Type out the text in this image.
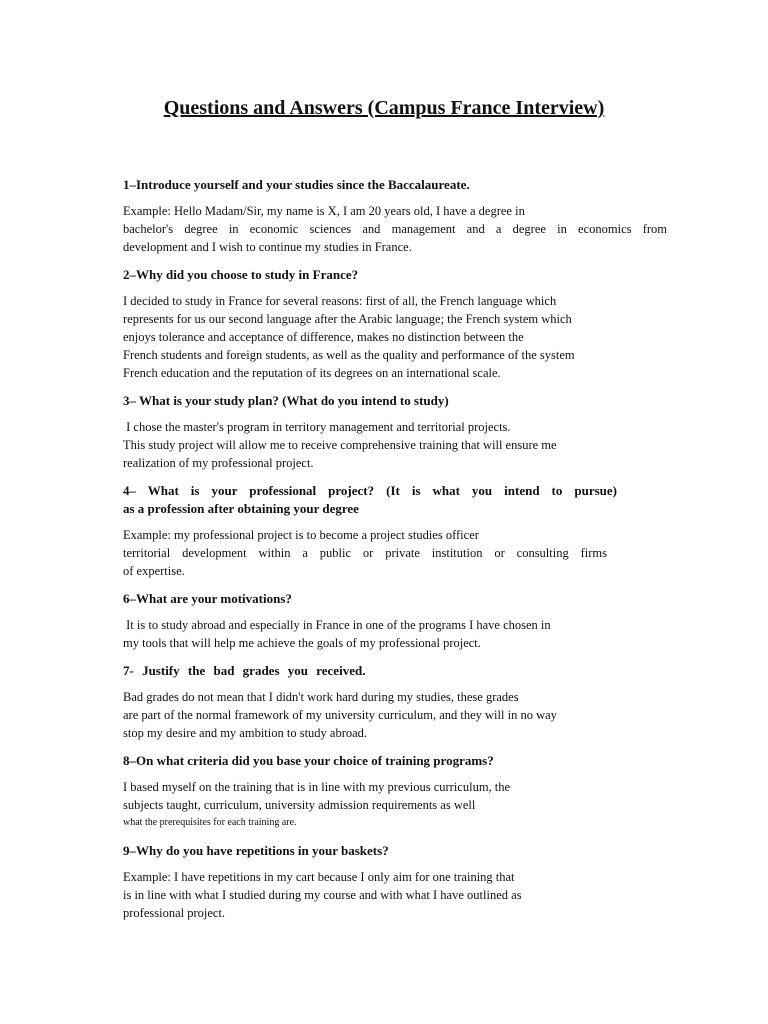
Questions and Answers (Campus France Interview)

1–Introduce yourself and your studies since the Baccalaureate.

Example: Hello Madam/Sir, my name is X, I am 20 years old, I have a degree in
bachelor's degree in economic sciences and management and a degree in economics from
development and I wish to continue my studies in France.

2–Why did you choose to study in France?

I decided to study in France for several reasons: first of all, the French language which
represents for us our second language after the Arabic language; the French system which
enjoys tolerance and acceptance of difference, makes no distinction between the
French students and foreign students, as well as the quality and performance of the system
French education and the reputation of its degrees on an international scale.

3– What is your study plan? (What do you intend to study)

I chose the master's program in territory management and territorial projects.
This study project will allow me to receive comprehensive training that will ensure me
realization of my professional project.

4– What is your professional project? (It is what you intend to pursue)
as a profession after obtaining your degree

Example: my professional project is to become a project studies officer
territorial development within a public or private institution or consulting firms
of expertise.

6–What are your motivations?

It is to study abroad and especially in France in one of the programs I have chosen in
my tools that will help me achieve the goals of my professional project.

7- Justify the bad grades you received.

Bad grades do not mean that I didn't work hard during my studies, these grades
are part of the normal framework of my university curriculum, and they will in no way
stop my desire and my ambition to study abroad.

8–On what criteria did you base your choice of training programs?

I based myself on the training that is in line with my previous curriculum, the
subjects taught, curriculum, university admission requirements as well
what the prerequisites for each training are.

9–Why do you have repetitions in your baskets?

Example: I have repetitions in my cart because I only aim for one training that
is in line with what I studied during my course and with what I have outlined as
professional project.
